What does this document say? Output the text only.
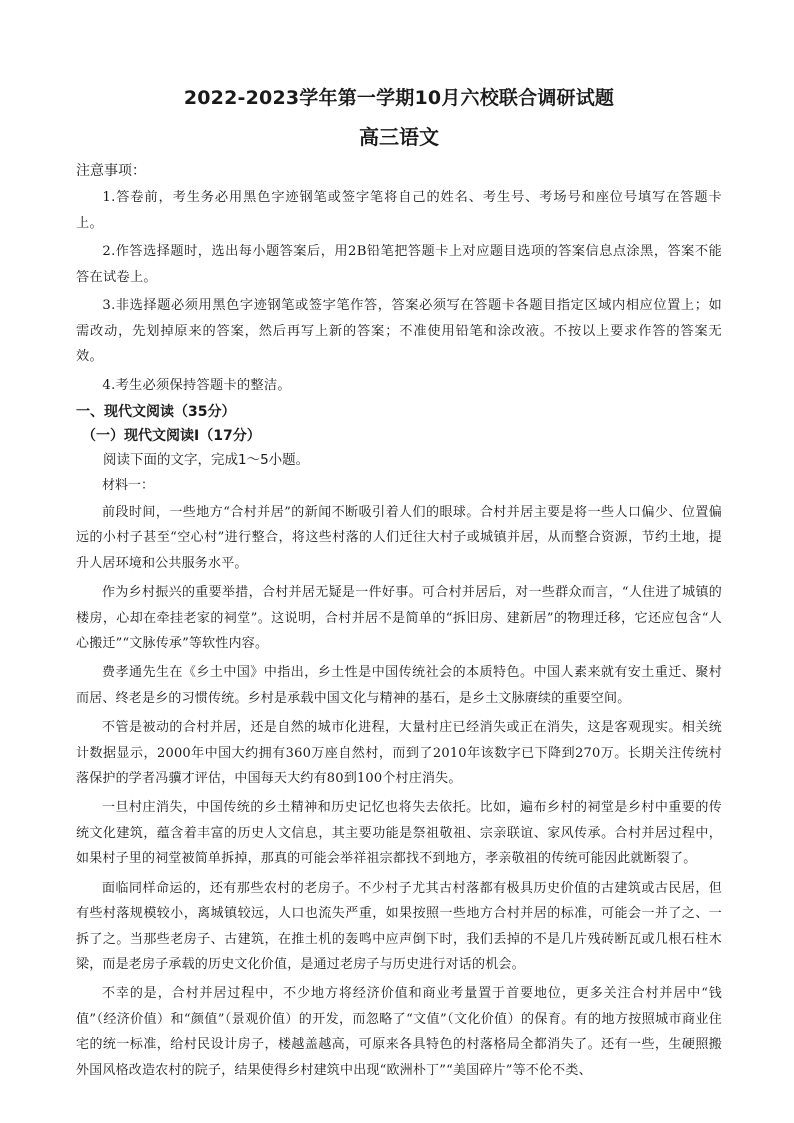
2022-2023学年第一学期10月六校联合调研试题
高三语文
注意事项：
1.答卷前，考生务必用黑色字迹钢笔或签字笔将自己的姓名、考生号、考场号和座位号填写在答题卡上。
2.作答选择题时，选出每小题答案后，用2B铅笔把答题卡上对应题目选项的答案信息点涂黑，答案不能答在试卷上。
3.非选择题必须用黑色字迹钢笔或签字笔作答，答案必须写在答题卡各题目指定区域内相应位置上；如需改动，先划掉原来的答案，然后再写上新的答案；不准使用铅笔和涂改液。不按以上要求作答的答案无效。
4.考生必须保持答题卡的整洁。
一、现代文阅读（35分）
（一）现代文阅读Ⅰ（17分）
阅读下面的文字，完成1～5小题。
材料一：
前段时间，一些地方“合村并居”的新闻不断吸引着人们的眼球。合村并居主要是将一些人口偏少、位置偏远的小村子甚至“空心村”进行整合，将这些村落的人们迁往大村子或城镇并居，从而整合资源，节约土地，提升人居环境和公共服务水平。
作为乡村振兴的重要举措，合村并居无疑是一件好事。可合村并居后，对一些群众而言，“人住进了城镇的楼房，心却在牵挂老家的祠堂”。这说明，合村并居不是简单的“拆旧房、建新居”的物理迁移，它还应包含“人心搬迁”“文脉传承”等软性内容。
费孝通先生在《乡土中国》中指出，乡土性是中国传统社会的本质特色。中国人素来就有安土重迁、聚村而居、终老是乡的习惯传统。乡村是承载中国文化与精神的基石，是乡土文脉赓续的重要空间。
不管是被动的合村并居，还是自然的城市化进程，大量村庄已经消失或正在消失，这是客观现实。相关统计数据显示，2000年中国大约拥有360万座自然村，而到了2010年该数字已下降到270万。长期关注传统村落保护的学者冯骥才评估，中国每天大约有80到100个村庄消失。
一旦村庄消失，中国传统的乡土精神和历史记忆也将失去依托。比如，遍布乡村的祠堂是乡村中重要的传统文化建筑，蕴含着丰富的历史人文信息，其主要功能是祭祖敬祖、宗亲联谊、家风传承。合村并居过程中，如果村子里的祠堂被简单拆掉，那真的可能会举祥祖宗都找不到地方，孝亲敬祖的传统可能因此就断裂了。
面临同样命运的，还有那些农村的老房子。不少村子尤其古村落都有极具历史价值的古建筑或古民居，但有些村落规模较小，离城镇较远，人口也流失严重，如果按照一些地方合村并居的标准，可能会一并了之、一拆了之。当那些老房子、古建筑，在推土机的轰鸣中应声倒下时，我们丢掉的不是几片残砖断瓦或几根石柱木梁，而是老房子承载的历史文化价值，是通过老房子与历史进行对话的机会。
不幸的是，合村并居过程中，不少地方将经济价值和商业考量置于首要地位，更多关注合村并居中“钱值”（经济价值）和“颜值”（景观价值）的开发，而忽略了“文值”（文化价值）的保育。有的地方按照城市商业住宅的统一标准，给村民设计房子，楼越盖越高，可原来各具特色的村落格局全都消失了。还有一些，生硬照搬外国风格改造农村的院子，结果使得乡村建筑中出现“欧洲朴丁”“美国碎片”等不伦不类、
